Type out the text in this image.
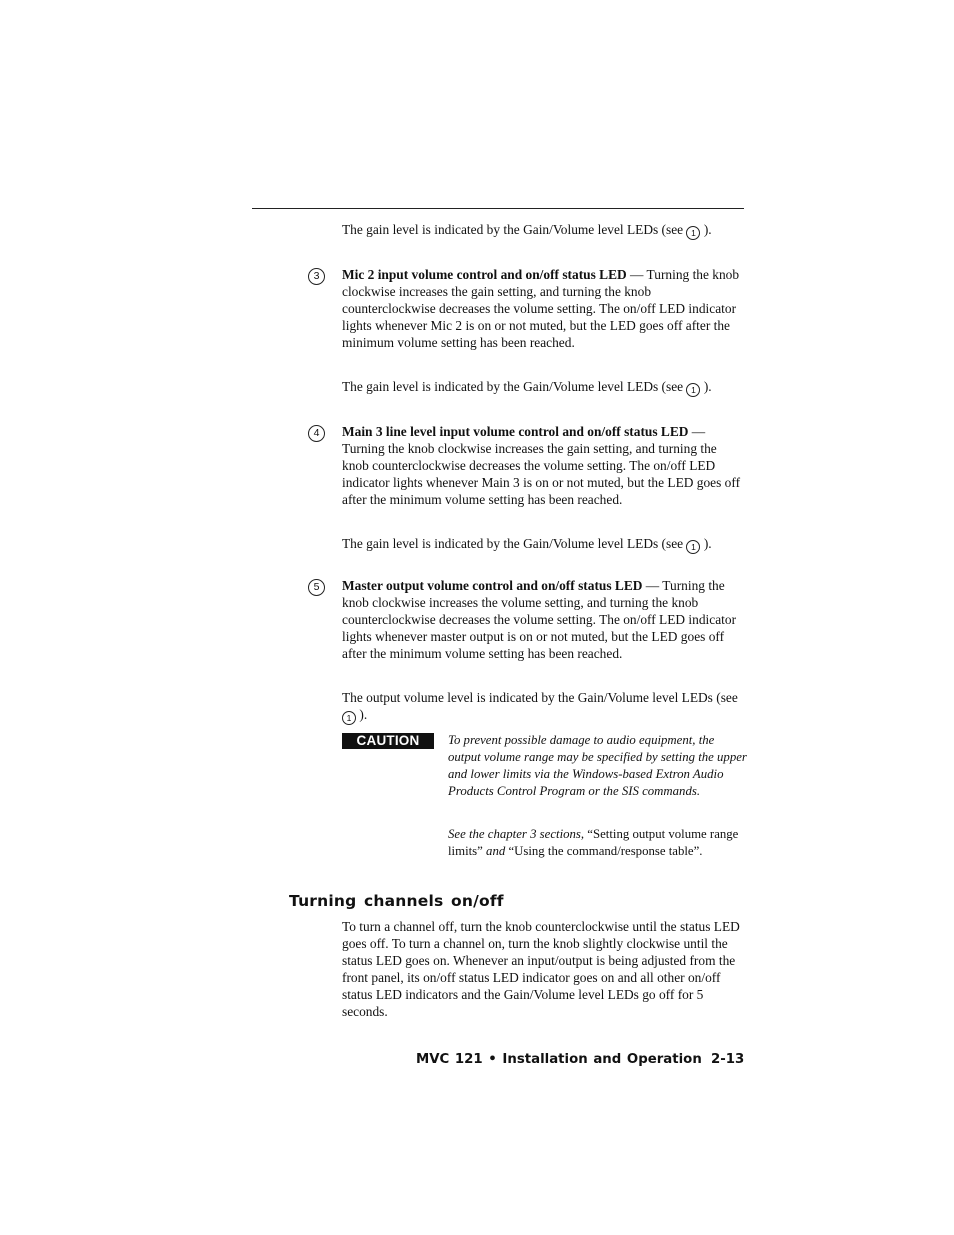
The gain level is indicated by the Gain/Volume level LEDs (see 1 ).
3	Mic 2 input volume control and on/off status LED — Turning the knob clockwise increases the gain setting, and turning the knob counterclockwise decreases the volume setting. The on/off LED indicator lights whenever Mic 2 is on or not muted, but the LED goes off after the minimum volume setting has been reached.
The gain level is indicated by the Gain/Volume level LEDs (see 1 ).
4	Main 3 line level input volume control and on/off status LED — Turning the knob clockwise increases the gain setting, and turning the knob counterclockwise decreases the volume setting. The on/off LED indicator lights whenever Main 3 is on or not muted, but the LED goes off after the minimum volume setting has been reached.
The gain level is indicated by the Gain/Volume level LEDs (see 1 ).
5	Master output volume control and on/off status LED — Turning the knob clockwise increases the volume setting, and turning the knob counterclockwise decreases the volume setting. The on/off LED indicator lights whenever master output is on or not muted, but the LED goes off after the minimum volume setting has been reached.
The output volume level is indicated by the Gain/Volume level LEDs (see 1 ).
CAUTION	To prevent possible damage to audio equipment, the output volume range may be specified by setting the upper and lower limits via the Windows-based Extron Audio Products Control Program or the SIS commands.
See the chapter 3 sections, “Setting output volume range limits” and “Using the command/response table”.
Turning channels on/off
To turn a channel off, turn the knob counterclockwise until the status LED goes off. To turn a channel on, turn the knob slightly clockwise until the status LED goes on. Whenever an input/output is being adjusted from the front panel, its on/off status LED indicator goes on and all other on/off status LED indicators and the Gain/Volume level LEDs go off for 5 seconds.
MVC 121 • Installation and Operation 2-13
